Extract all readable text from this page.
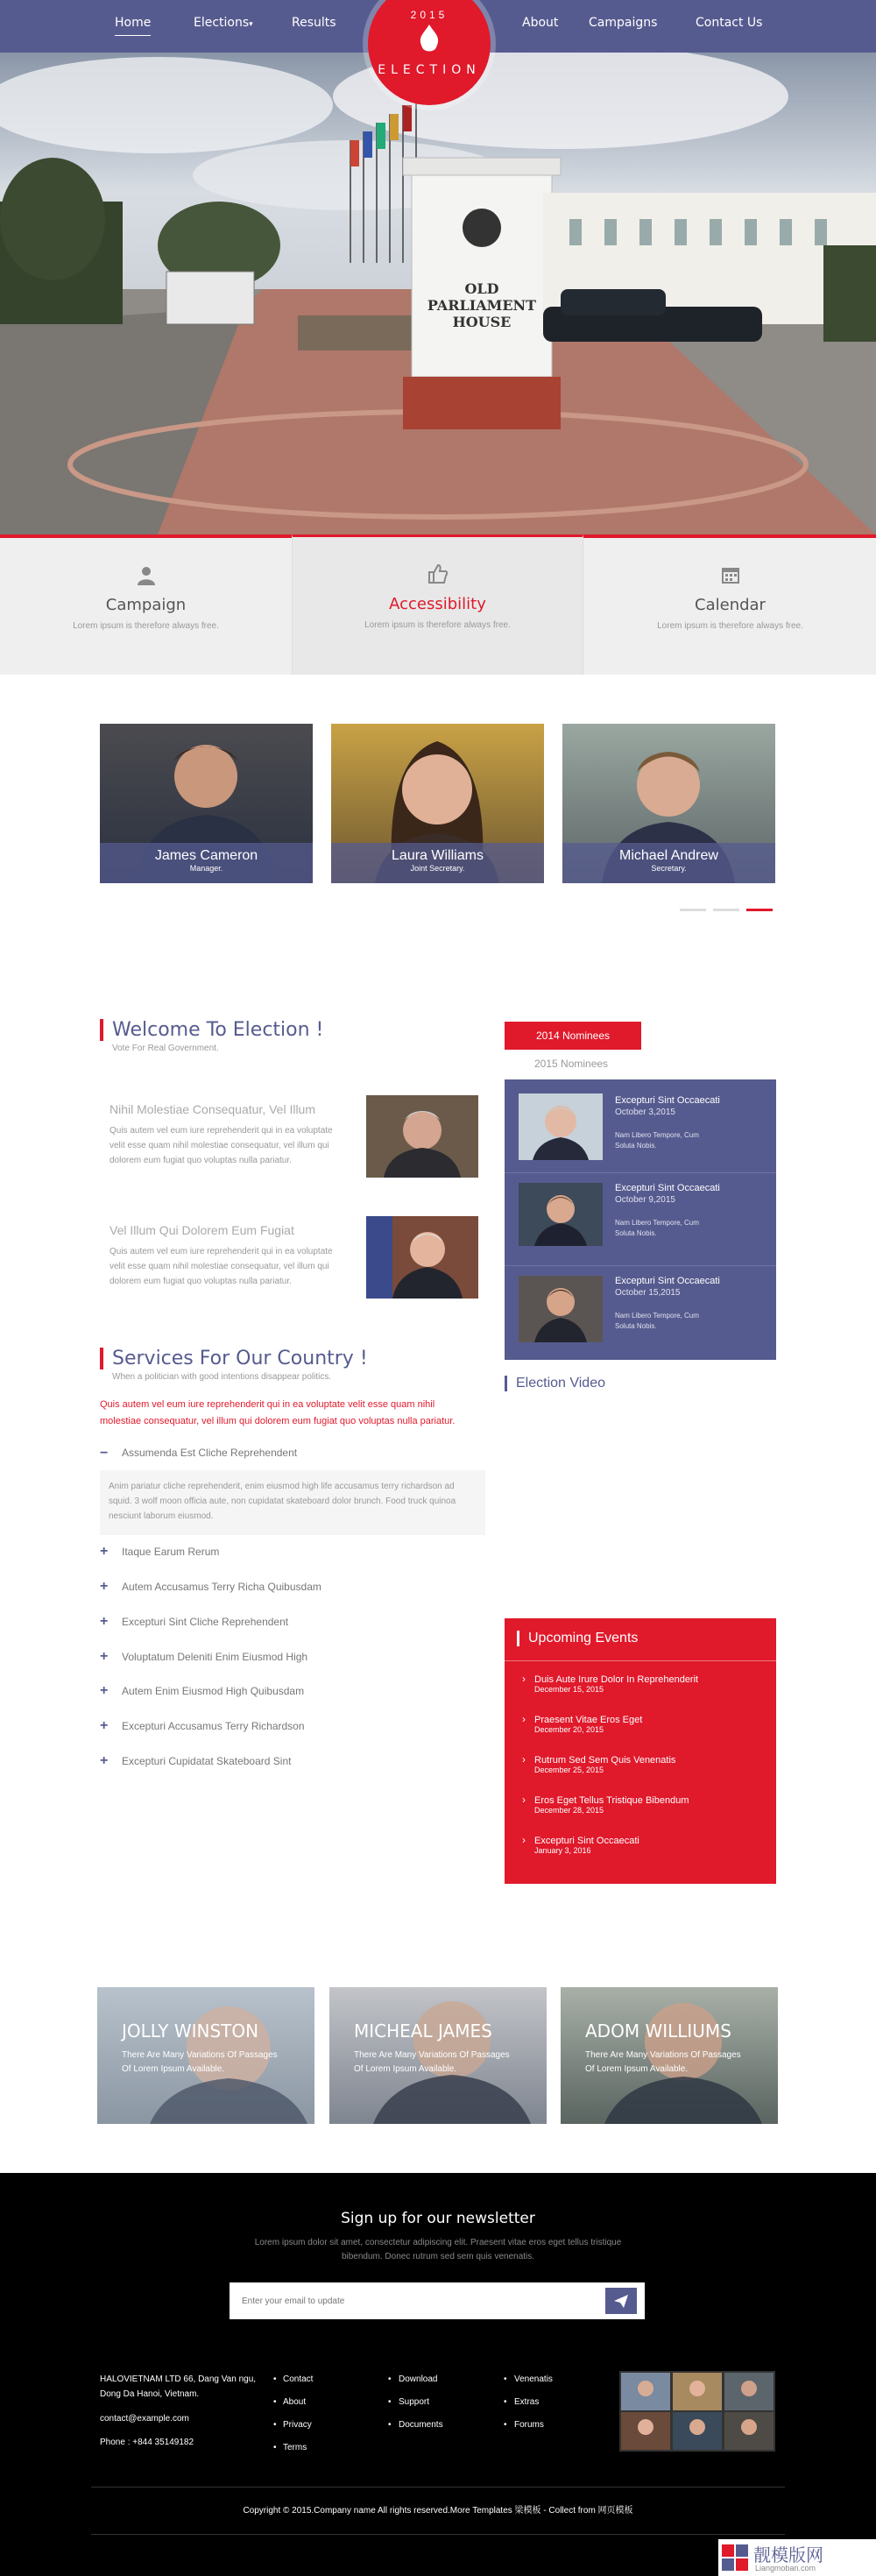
Home	Elections▾	Results	About Campaigns	Contact Us
OLD
PARLIAMENT
HOUSE
2015
ELECTION
Campaign
Lorem ipsum is therefore always free.
Accessibility
Lorem ipsum is therefore always free.
Calendar
Lorem ipsum is therefore always free.
James Cameron
Manager.
Laura Williams
Joint Secretary.
Michael Andrew
Secretary.
Welcome To Election !
Vote For Real Government.
Nihil Molestiae Consequatur, Vel Illum
Quis autem vel eum iure reprehenderit qui in ea voluptate velit esse quam nihil molestiae consequatur, vel illum qui dolorem eum fugiat quo voluptas nulla pariatur.
Vel Illum Qui Dolorem Eum Fugiat
Quis autem vel eum iure reprehenderit qui in ea voluptate velit esse quam nihil molestiae consequatur, vel illum qui dolorem eum fugiat quo voluptas nulla pariatur.
2014 Nominees
2015 Nominees
Excepturi Sint Occaecati
October 3,2015
Nam Libero Tempore, Cum Soluta Nobis.
Excepturi Sint Occaecati
October 9,2015
Nam Libero Tempore, Cum Soluta Nobis.
Excepturi Sint Occaecati
October 15,2015
Nam Libero Tempore, Cum Soluta Nobis.
Election Video
Services For Our Country !
When a politician with good intentions disappear politics.
Quis autem vel eum iure reprehenderit qui in ea voluptate velit esse quam nihil molestiae consequatur, vel illum qui dolorem eum fugiat quo voluptas nulla pariatur.
− Assumenda Est Cliche Reprehendent
Anim pariatur cliche reprehenderit, enim eiusmod high life accusamus terry richardson ad squid. 3 wolf moon officia aute, non cupidatat skateboard dolor brunch. Food truck quinoa nesciunt laborum eiusmod.
+ Itaque Earum Rerum
+ Autem Accusamus Terry Richa Quibusdam
+ Excepturi Sint Cliche Reprehendent
+ Voluptatum Deleniti Enim Eiusmod High
+ Autem Enim Eiusmod High Quibusdam
+ Excepturi Accusamus Terry Richardson
+ Excepturi Cupidatat Skateboard Sint
Upcoming Events
› Duis Aute Irure Dolor In Reprehenderit
December 15, 2015
› Praesent Vitae Eros Eget
December 20, 2015
› Rutrum Sed Sem Quis Venenatis
December 25, 2015
› Eros Eget Tellus Tristique Bibendum
December 28, 2015
› Excepturi Sint Occaecati
January 3, 2016
JOLLY WINSTON
There Are Many Variations Of Passages Of Lorem Ipsum Available.
MICHEAL JAMES
There Are Many Variations Of Passages Of Lorem Ipsum Available.
ADOM WILLIUMS
There Are Many Variations Of Passages Of Lorem Ipsum Available.
Sign up for our newsletter
Lorem ipsum dolor sit amet, consectetur adipiscing elit. Praesent vitae eros eget tellus tristique
bibendum. Donec rutrum sed sem quis venenatis.
Enter your email to update
HALOVIETNAM LTD 66, Dang Van ngu,
Dong Da Hanoi, Vietnam.
contact@example.com
Phone : +844 35149182
• Contact
• About
• Privacy
• Terms
• Download
• Support
• Documents
• Venenatis
• Extras
• Forums
Copyright © 2015.Company name All rights reserved.More Templates 梁模板 - Collect from 网页模板
靓模版网
Liangmoban.com
